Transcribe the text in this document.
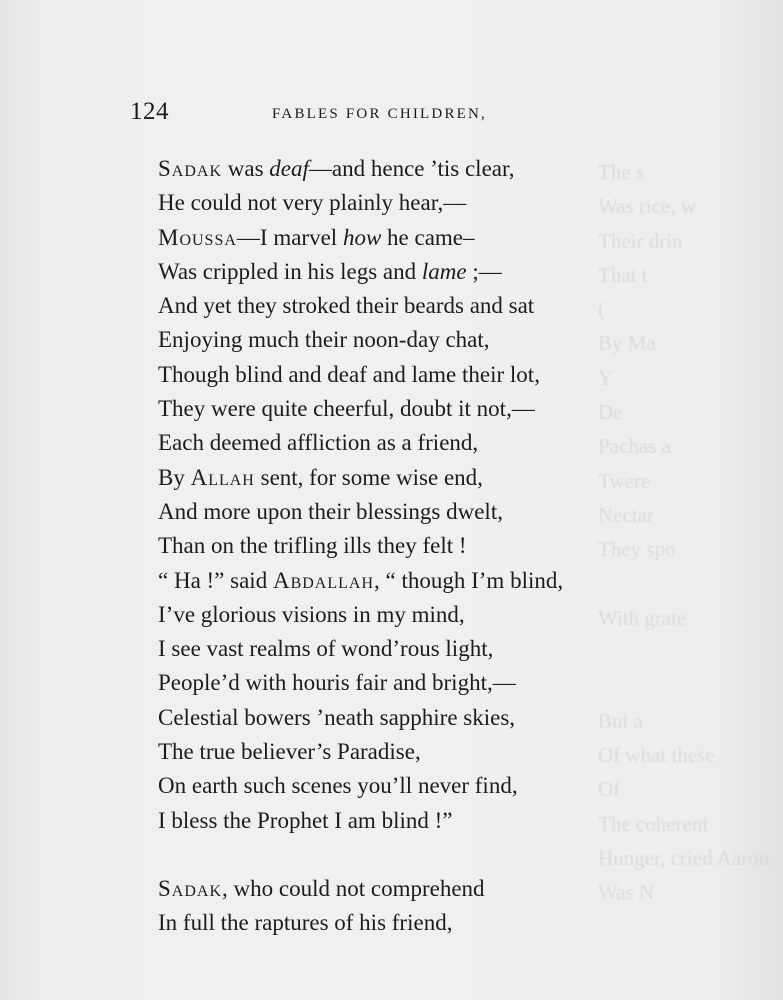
The s
Was rice, w
Their drin
That t
(
By Ma
Y
De
Pachas a
Twere
Nectar
They spo
With grate
But a
Of what these
Of
The coherent
Hunger, cried Aaron
Was N
124	FABLES FOR CHILDREN,
Sadak was deaf—and hence ’tis clear,
He could not very plainly hear,—
Moussa—I marvel how he came–
Was crippled in his legs and lame ;—
And yet they stroked their beards and sat
Enjoying much their noon-day chat,
Though blind and deaf and lame their lot,
They were quite cheerful, doubt it not,—
Each deemed affliction as a friend,
By Allah sent, for some wise end,
And more upon their blessings dwelt,
Than on the trifling ills they felt !
“ Ha !” said Abdallah, “ though I’m blind,
I’ve glorious visions in my mind,
I see vast realms of wond’rous light,
People’d with houris fair and bright,—
Celestial bowers ’neath sapphire skies,
The true believer’s Paradise,
On earth such scenes you’ll never find,
I bless the Prophet I am blind !”
Sadak, who could not comprehend
In full the raptures of his friend,
